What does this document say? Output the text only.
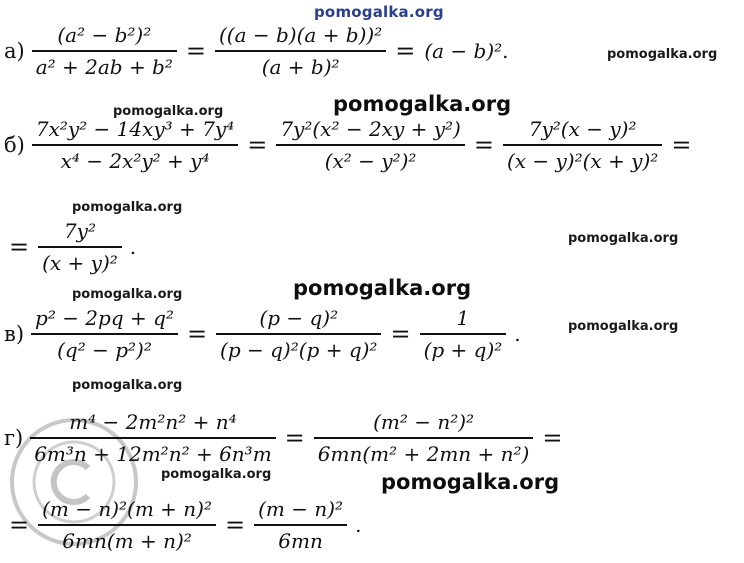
pomogalka.org
pomogalka.org
pomogalka.org	pomogalka.org
pomogalka.org
pomogalka.org
pomogalka.org
pomogalka.org
pomogalka.org
pomogalka.org
pomogalka.org	pomogalka.org
$а) \frac{\text{(a² − b²)²}}{\text{a² + 2ab + b²}} = \frac{\text{((a − b)(a + b))²}}{\text{(a + b)²}} = (a - b)^2$.
$б) \frac{\text{7x²y² − 14xy³ + 7y⁴}}{\text{x⁴ − 2x²y² + y⁴}} = \frac{\text{7y²(x² − 2xy + y²)}}{\text{(x² − y²)²}} = \frac{\text{7y²(x − y)²}}{\text{(x − y)²(x + y)²}}$ =
= $\frac{\text{7y²}}{\text{(x + y)²}}$ .
$в) \frac{\text{p² − 2pq + q²}}{\text{(q² − p²)²}} = \frac{\text{(p − q)²}}{\text{(p − q)²(p + q)²}} = \frac{1}{\text{(p + q)²}}$ .
$г) \frac{\text{m⁴ − 2m²n² + n⁴}}{\text{6m³n + 12m²n² + 6n³m}} = \frac{\text{(m² − n²)²}}{\text{6mn(m² + 2mn + n²)}}$ =
= $\frac{\text{(m − n)²(m + n)²}}{\text{6mn(m + n)²}} = \frac{\text{(m − n)²}}{6mn}$ .
